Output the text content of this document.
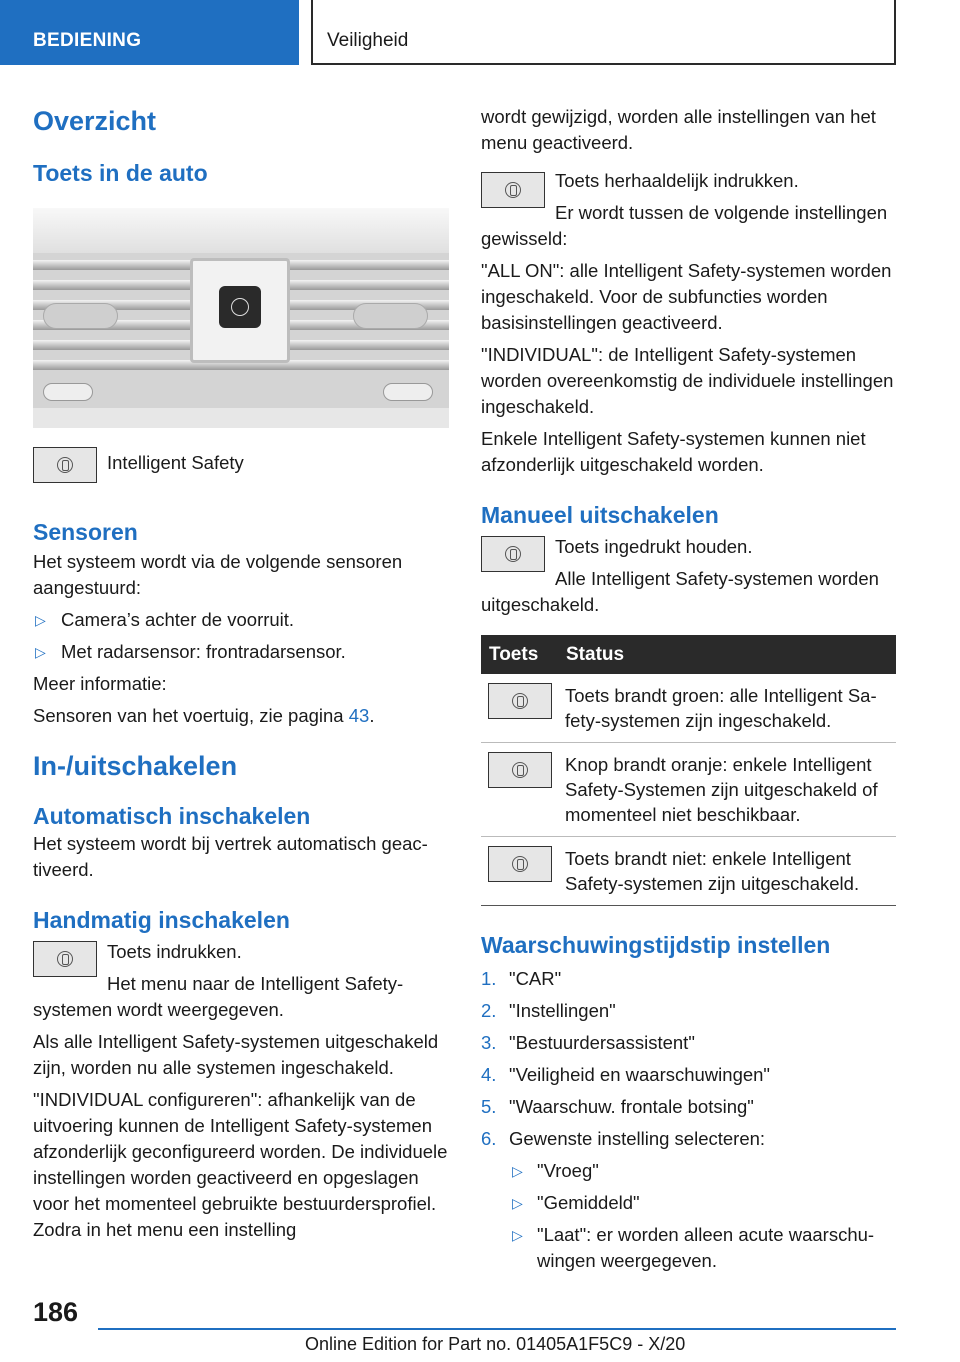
BEDIENING	Veiligheid
Overzicht
Toets in de auto
Intelligent Safety
Sensoren
Het systeem wordt via de volgende sensoren aangestuurd:
▷ Camera’s achter de voorruit.
▷ Met radarsensor: frontradarsensor.
Meer informatie:
Sensoren van het voertuig, zie pagina 43.
In-/uitschakelen
Automatisch inschakelen
Het systeem wordt bij vertrek automatisch geactiveerd.
Handmatig inschakelen
Toets indrukken.
Het menu naar de Intelligent Safety-systemen wordt weergegeven.
Als alle Intelligent Safety-systemen uitgeschakeld zijn, worden nu alle systemen ingeschakeld.
"INDIVIDUAL configureren": afhankelijk van de uitvoering kunnen de Intelligent Safety-systemen afzonderlijk geconfigureerd worden. De individuele instellingen worden geactiveerd en opgeslagen voor het momenteel gebruikte bestuurdersprofiel. Zodra in het menu een instelling
wordt gewijzigd, worden alle instellingen van het menu geactiveerd.
Toets herhaaldelijk indrukken.
Er wordt tussen de volgende instellingen gewisseld:
"ALL ON": alle Intelligent Safety-systemen worden ingeschakeld. Voor de subfuncties worden basisinstellingen geactiveerd.
"INDIVIDUAL": de Intelligent Safety-systemen worden overeenkomstig de individuele instellingen ingeschakeld.
Enkele Intelligent Safety-systemen kunnen niet afzonderlijk uitgeschakeld worden.
Manueel uitschakelen
Toets ingedrukt houden.
Alle Intelligent Safety-systemen worden uitgeschakeld.
Toets	Status

	Toets brandt groen: alle Intelligent Safety-systemen zijn ingeschakeld.

	Knop brandt oranje: enkele Intelligent Safety-Systemen zijn uitgeschakeld of momenteel niet beschikbaar.

	Toets brandt niet: enkele Intelligent Safety-systemen zijn uitgeschakeld.
Waarschuwingstijdstip instellen
1. "CAR"
2. "Instellingen"
3. "Bestuurdersassistent"
4. "Veiligheid en waarschuwingen"
5. "Waarschuw. frontale botsing"
6. Gewenste instelling selecteren:
▷ "Vroeg"
▷ "Gemiddeld"
▷ "Laat": er worden alleen acute waarschuwingen weergegeven.
186
Online Edition for Part no. 01405A1F5C9 - X/20
